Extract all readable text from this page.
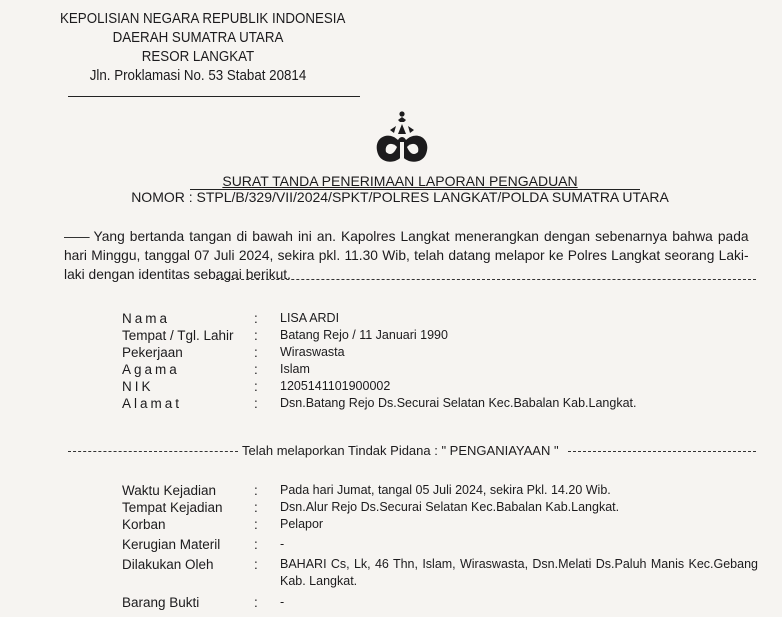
KEPOLISIAN NEGARA REPUBLIK INDONESIA
DAERAH SUMATRA UTARA
RESOR LANGKAT
Jln. Proklamasi No. 53 Stabat 20814
SURAT TANDA PENERIMAAN LAPORAN PENGADUAN
NOMOR : STPL/B/329/VII/2024/SPKT/POLRES LANGKAT/POLDA SUMATRA UTARA
Yang bertanda tangan di bawah ini an. Kapolres Langkat menerangkan dengan sebenarnya bahwa pada hari Minggu, tanggal 07 Juli 2024, sekira pkl. 11.30 Wib, telah datang melapor ke Polres Langkat seorang Laki-laki dengan identitas sebagai berikut.
Nama	: LISA ARDI
Tempat / Tgl. Lahir : Batang Rejo / 11 Januari 1990
Pekerjaan	: Wiraswasta
Agama	: Islam
NIK	: 1205141101900002
Alamat	: Dsn.Batang Rejo Ds.Securai Selatan Kec.Babalan Kab.Langkat.
Telah melaporkan Tindak Pidana : " PENGANIAYAAN "
Waktu Kejadian	: Pada hari Jumat, tangal 05 Juli 2024, sekira Pkl. 14.20 Wib.
Tempat Kejadian : Dsn.Alur Rejo Ds.Securai Selatan Kec.Babalan Kab.Langkat.
Korban	: Pelapor
Kerugian Materil : -
Dilakukan Oleh	: BAHARI Cs, Lk, 46 Thn, Islam, Wiraswasta, Dsn.Melati Ds.Paluh Manis Kec.Gebang Kab. Langkat.
Barang Bukti	: -
